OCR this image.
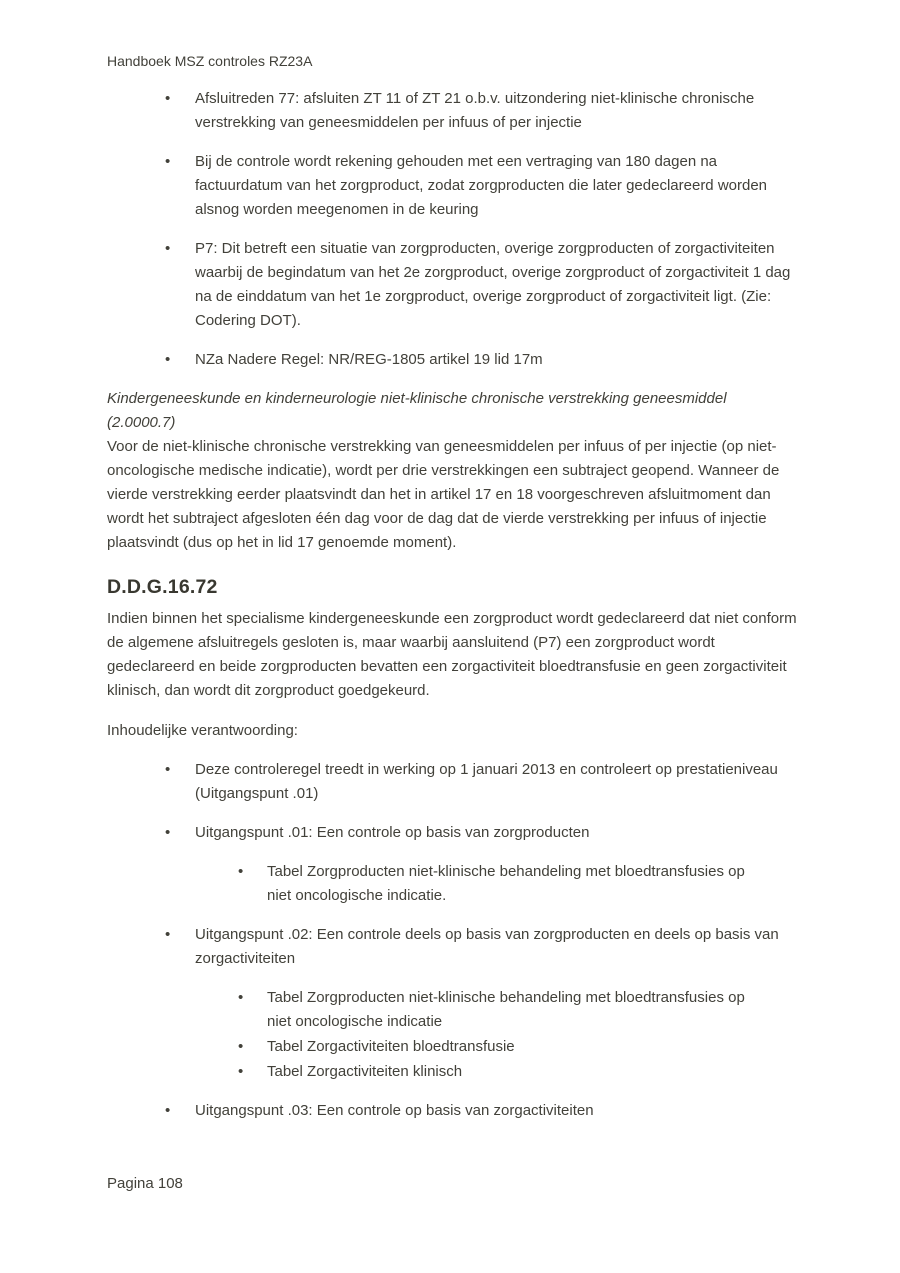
Handboek MSZ controles RZ23A
• Afsluitreden 77: afsluiten ZT 11 of ZT 21 o.b.v. uitzondering niet-klinische chronische verstrekking van geneesmiddelen per infuus of per injectie
• Bij de controle wordt rekening gehouden met een vertraging van 180 dagen na factuurdatum van het zorgproduct, zodat zorgproducten die later gedeclareerd worden alsnog worden meegenomen in de keuring
• P7: Dit betreft een situatie van zorgproducten, overige zorgproducten of zorgactiviteiten waarbij de begindatum van het 2e zorgproduct, overige zorgproduct of zorgactiviteit 1 dag na de einddatum van het 1e zorgproduct, overige zorgproduct of zorgactiviteit ligt. (Zie: Codering DOT).
• NZa Nadere Regel: NR/REG-1805 artikel 19 lid 17m
Kindergeneeskunde en kinderneurologie niet-klinische chronische verstrekking geneesmiddel
(2.0000.7)

Voor de niet-klinische chronische verstrekking van geneesmiddelen per infuus of per injectie (op niet-oncologische medische indicatie), wordt per drie verstrekkingen een subtraject geopend. Wanneer de vierde verstrekking eerder plaatsvindt dan het in artikel 17 en 18 voorgeschreven afsluitmoment dan wordt het subtraject afgesloten één dag voor de dag dat de vierde verstrekking per infuus of injectie plaatsvindt (dus op het in lid 17 genoemde moment).

D.D.G.16.72

Indien binnen het specialisme kindergeneeskunde een zorgproduct wordt gedeclareerd dat niet conform de algemene afsluitregels gesloten is, maar waarbij aansluitend (P7) een zorgproduct wordt gedeclareerd en beide zorgproducten bevatten een zorgactiviteit bloedtransfusie en geen zorgactiviteit klinisch, dan wordt dit zorgproduct goedgekeurd.

Inhoudelijke verantwoording:

• Deze controleregel treedt in werking op 1 januari 2013 en controleert op prestatieniveau (Uitgangspunt .01)
• Uitgangspunt .01: Een controle op basis van zorgproducten
• Tabel Zorgproducten niet-klinische behandeling met bloedtransfusies op niet oncologische indicatie.
• Uitgangspunt .02: Een controle deels op basis van zorgproducten en deels op basis van zorgactiviteiten
• Tabel Zorgproducten niet-klinische behandeling met bloedtransfusies op niet oncologische indicatie
• Tabel Zorgactiviteiten bloedtransfusie
• Tabel Zorgactiviteiten klinisch
• Uitgangspunt .03: Een controle op basis van zorgactiviteiten
Pagina 108
